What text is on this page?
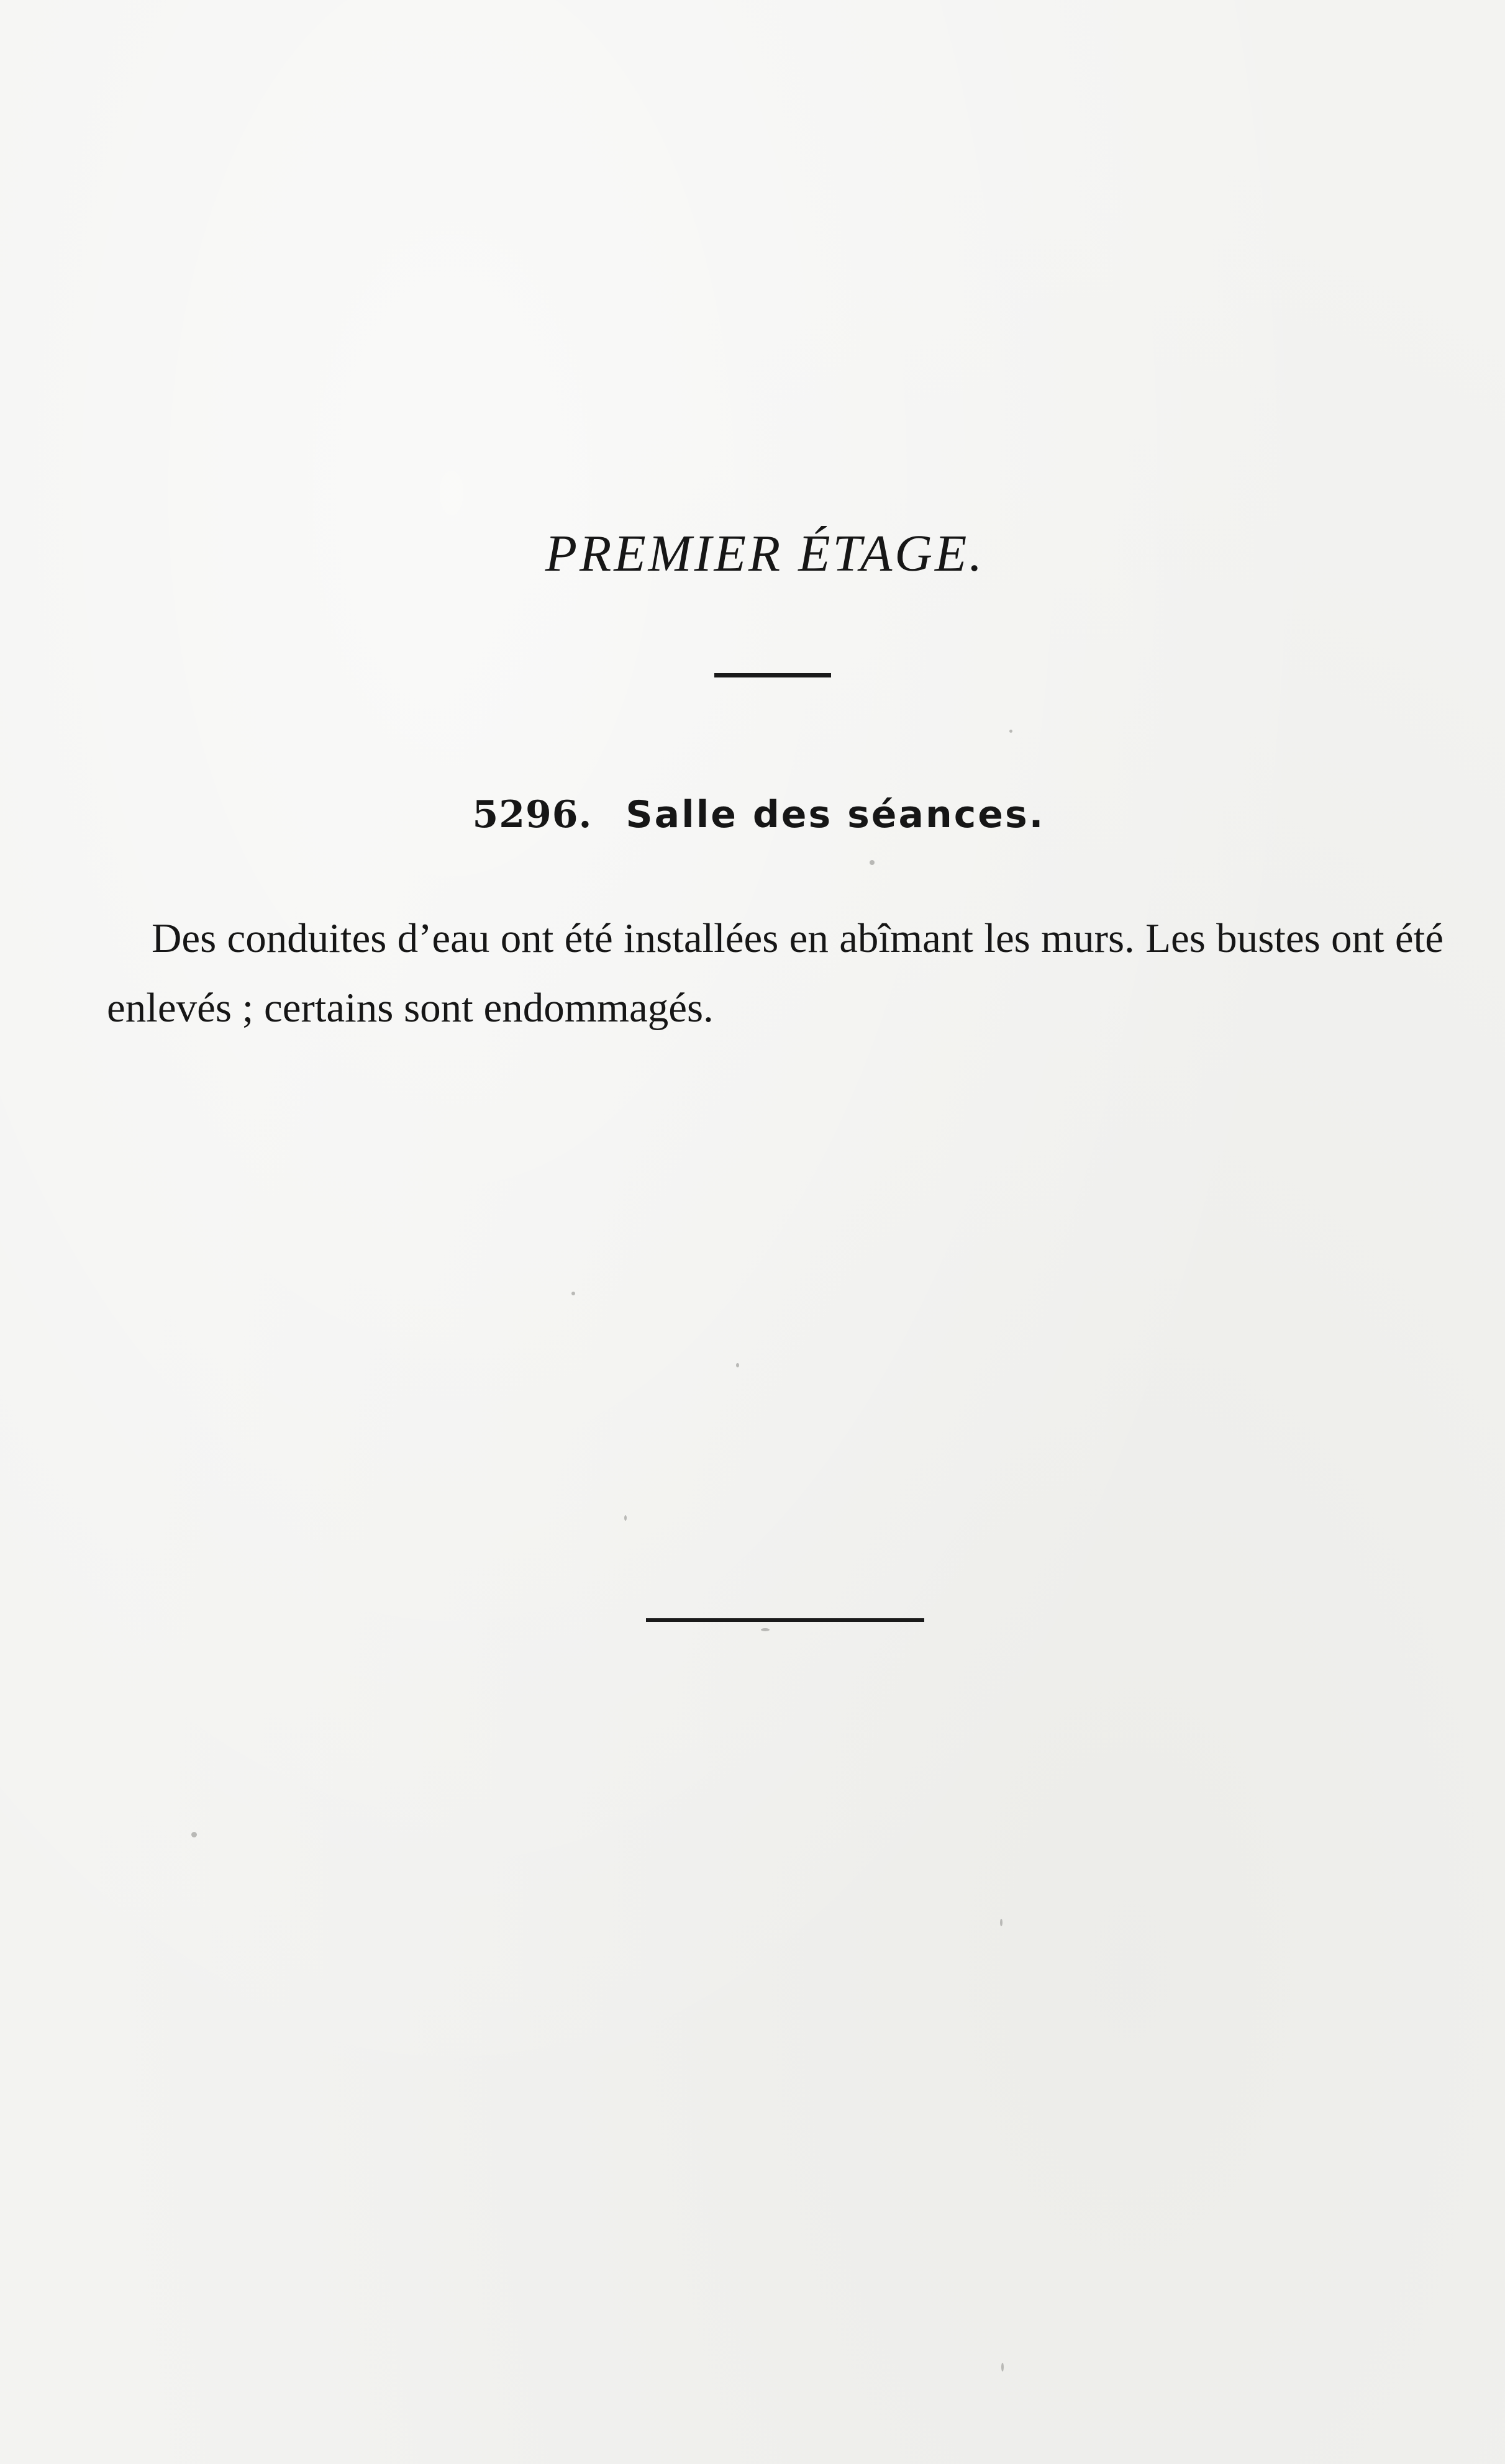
PREMIER ÉTAGE.
5296. Salle des séances.
Des conduites d’eau ont été installées en abîmant les murs. Les bustes ont été enlevés ; certains sont endommagés.
